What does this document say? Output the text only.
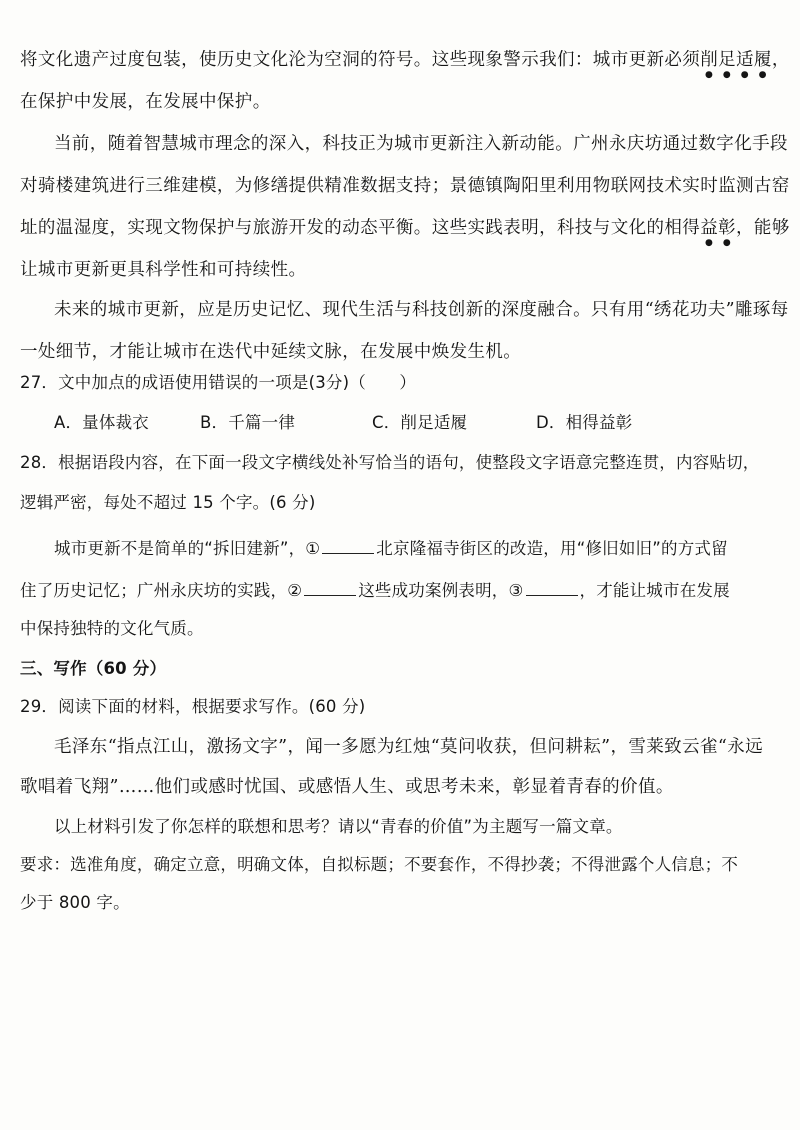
将文化遗产过度包装，使历史文化沦为空洞的符号。这些现象警示我们：城市更新必须削足适履，
在保护中发展，在发展中保护。
当前，随着智慧城市理念的深入，科技正为城市更新注入新动能。广州永庆坊通过数字化手段
对骑楼建筑进行三维建模，为修缮提供精准数据支持；景德镇陶阳里利用物联网技术实时监测古窑
址的温湿度，实现文物保护与旅游开发的动态平衡。这些实践表明，科技与文化的相得益彰，能够
让城市更新更具科学性和可持续性。
未来的城市更新，应是历史记忆、现代生活与科技创新的深度融合。只有用“绣花功夫”雕琢每
一处细节，才能让城市在迭代中延续文脉，在发展中焕发生机。
27．文中加点的成语使用错误的一项是(3分)（　　）
A．量体裁衣	B．千篇一律	C．削足适履	D．相得益彰
28．根据语段内容，在下面一段文字横线处补写恰当的语句，使整段文字语意完整连贯，内容贴切，
逻辑严密，每处不超过 15 个字。(6 分)
城市更新不是简单的“拆旧建新”，①	北京隆福寺街区的改造，用“修旧如旧”的方式留
住了历史记忆；广州永庆坊的实践，②	这些成功案例表明，③	，才能让城市在发展
中保持独特的文化气质。
三、写作（60 分）
29．阅读下面的材料，根据要求写作。(60 分)
毛泽东“指点江山，激扬文字”，闻一多愿为红烛“莫问收获，但问耕耘”，雪莱致云雀“永远
歌唱着飞翔”……他们或感时忧国、或感悟人生、或思考未来，彰显着青春的价值。
以上材料引发了你怎样的联想和思考？请以“青春的价值”为主题写一篇文章。
要求：选准角度，确定立意，明确文体，自拟标题；不要套作，不得抄袭；不得泄露个人信息；不
少于 800 字。
